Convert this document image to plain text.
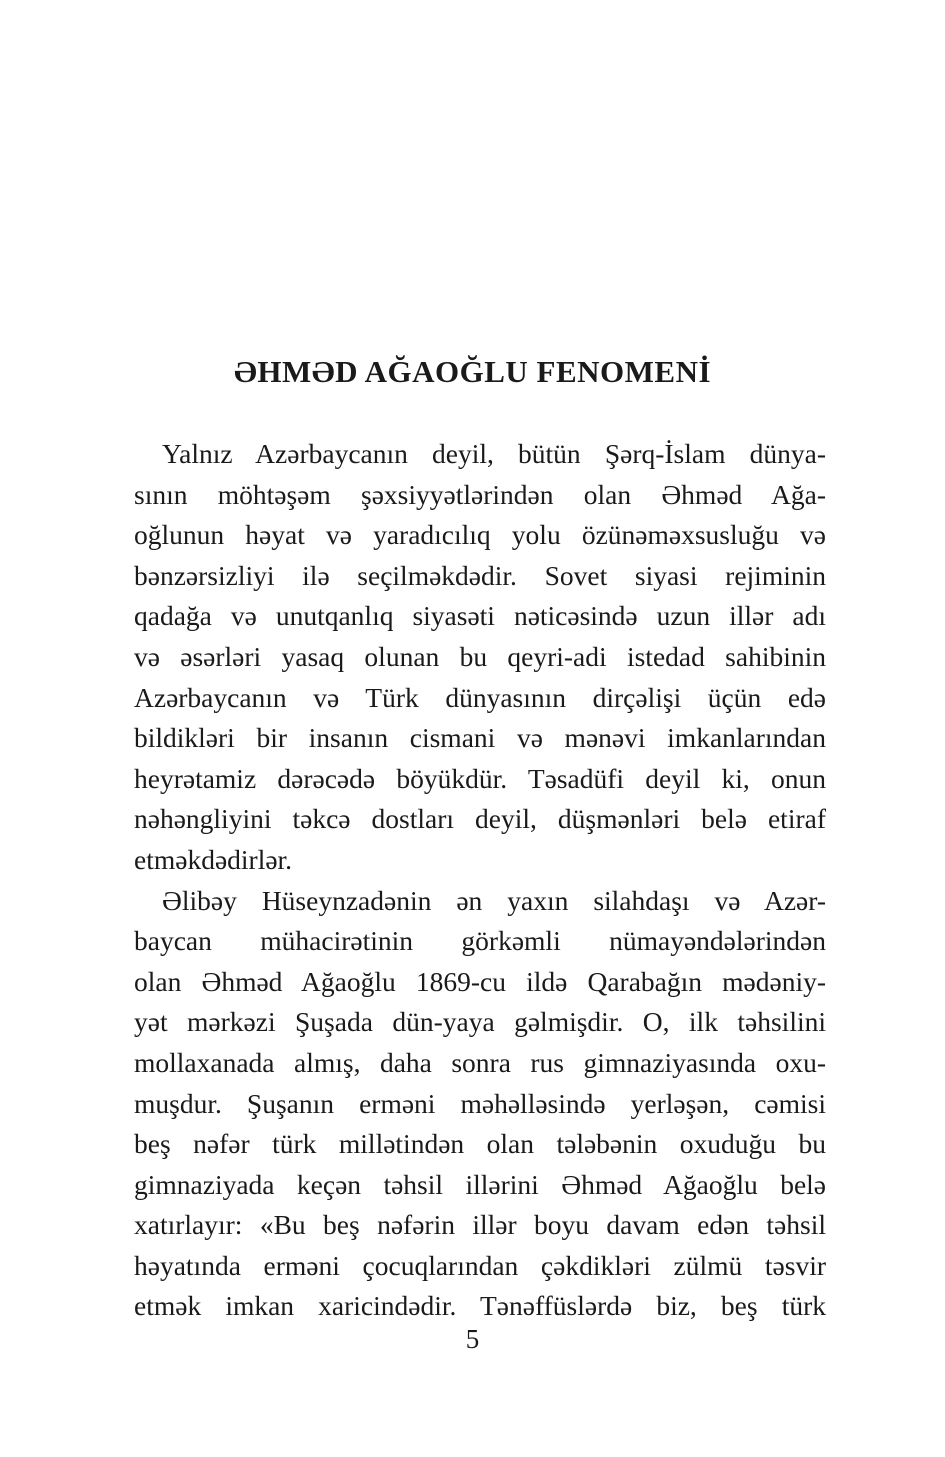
ƏHMƏD AĞAOĞLU FENOMENİ
Yalnız Azərbaycanın deyil, bütün Şərq-İslam dünya-
sının möhtəşəm şəxsiyyətlərindən olan Əhməd Ağa-
oğlunun həyat və yaradıcılıq yolu özünəməxsusluğu və
bənzərsizliyi ilə seçilməkdədir. Sovet siyasi rejiminin
qadağa və unutqanlıq siyasəti nəticəsində uzun illər adı
və əsərləri yasaq olunan bu qeyri-adi istedad sahibinin
Azərbaycanın və Türk dünyasının dirçəlişi üçün edə
bildikləri bir insanın cismani və mənəvi imkanlarından
heyrətamiz dərəcədə böyükdür. Təsadüfi deyil ki, onun
nəhəngliyini təkcə dostları deyil, düşmənləri belə etiraf
etməkdədirlər.
Əlibəy Hüseynzadənin ən yaxın silahdaşı və Azər-
baycan mühacirətinin görkəmli nümayəndələrindən
olan Əhməd Ağaoğlu 1869-cu ildə Qarabağın mədəniy-
yət mərkəzi Şuşada dün-yaya gəlmişdir. O, ilk təhsilini
mollaxanada almış, daha sonra rus gimnaziyasında oxu-
muşdur. Şuşanın erməni məhəlləsində yerləşən, cəmisi
beş nəfər türk millətindən olan tələbənin oxuduğu bu
gimnaziyada keçən təhsil illərini Əhməd Ağaoğlu belə
xatırlayır: «Bu beş nəfərin illər boyu davam edən təhsil
həyatında erməni çocuqlarından çəkdikləri zülmü təsvir
etmək imkan xaricindədir. Tənəffüslərdə biz, beş türk
5
